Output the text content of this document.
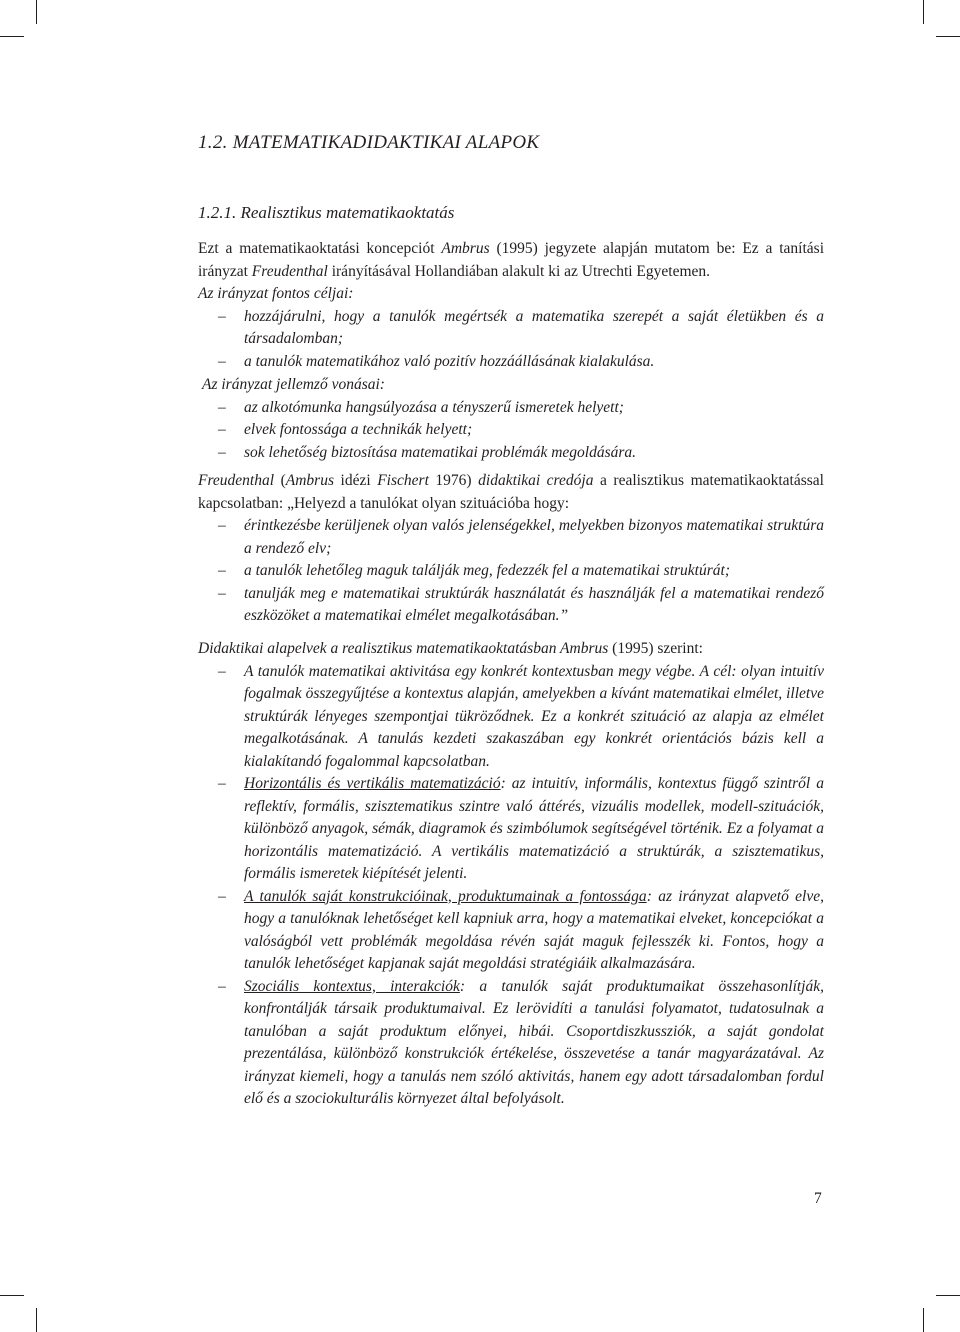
1.2. MATEMATIKADIDAKTIKAI ALAPOK
1.2.1. Realisztikus matematikaoktatás

Ezt a matematikaoktatási koncepciót Ambrus (1995) jegyzete alapján mutatom be: Ez a tanítási irányzat Freudenthal irányításával Hollandiában alakult ki az Utrechti Egyetemen.

Az irányzat fontos céljai:

– hozzájárulni, hogy a tanulók megértsék a matematika szerepét a saját életükben és a társadalomban;
– a tanulók matematikához való pozitív hozzáállásának kialakulása.

Az irányzat jellemző vonásai:

– az alkotómunka hangsúlyozása a tényszerű ismeretek helyett;
– elvek fontossága a technikák helyett;
– sok lehetőség biztosítása matematikai problémák megoldására.

Freudenthal (Ambrus idézi Fischert 1976) didaktikai credója a realisztikus matematikaoktatással kapcsolatban: „Helyezd a tanulókat olyan szituációba hogy:

– érintkezésbe kerüljenek olyan valós jelenségekkel, melyekben bizonyos matematikai struktúra a rendező elv;
– a tanulók lehetőleg maguk találják meg, fedezzék fel a matematikai struktúrát;
– tanulják meg e matematikai struktúrák használatát és használják fel a matematikai rendező eszközöket a matematikai elmélet megalkotásában.”

Didaktikai alapelvek a realisztikus matematikaoktatásban Ambrus (1995) szerint:

– A tanulók matematikai aktivitása egy konkrét kontextusban megy végbe. A cél: olyan intuitív fogalmak összegyűjtése a kontextus alapján, amelyekben a kívánt matematikai elmélet, illetve struktúrák lényeges szempontjai tükröződnek. Ez a konkrét szituáció az alapja az elmélet megalkotásának. A tanulás kezdeti szakaszában egy konkrét orientációs bázis kell a kialakítandó fogalommal kapcsolatban.
– Horizontális és vertikális matematizáció: az intuitív, informális, kontextus függő szintről a reflektív, formális, szisztematikus szintre való áttérés, vizuális modellek, modell-szituációk, különböző anyagok, sémák, diagramok és szimbólumok segítségével történik. Ez a folyamat a horizontális matematizáció. A vertikális matematizáció a struktúrák, a szisztematikus, formális ismeretek kiépítését jelenti.
– A tanulók saját konstrukcióinak, produktumainak a fontossága: az irányzat alapvető elve, hogy a tanulóknak lehetőséget kell kapniuk arra, hogy a matematikai elveket, koncepciókat a valóságból vett problémák megoldása révén saját maguk fejlesszék ki. Fontos, hogy a tanulók lehetőséget kapjanak saját megoldási stratégiáik alkalmazására.
– Szociális kontextus, interakciók: a tanulók saját produktumaikat összehasonlítják, konfrontálják társaik produktumaival. Ez lerövidíti a tanulási folyamatot, tudatosulnak a tanulóban a saját produktum előnyei, hibái. Csoportdiszkussziók, a saját gondolat prezentálása, különböző konstrukciók értékelése, összevetése a tanár magyarázatával. Az irányzat kiemeli, hogy a tanulás nem szóló aktivitás, hanem egy adott társadalomban fordul elő és a szociokulturális környezet által befolyásolt.
7
